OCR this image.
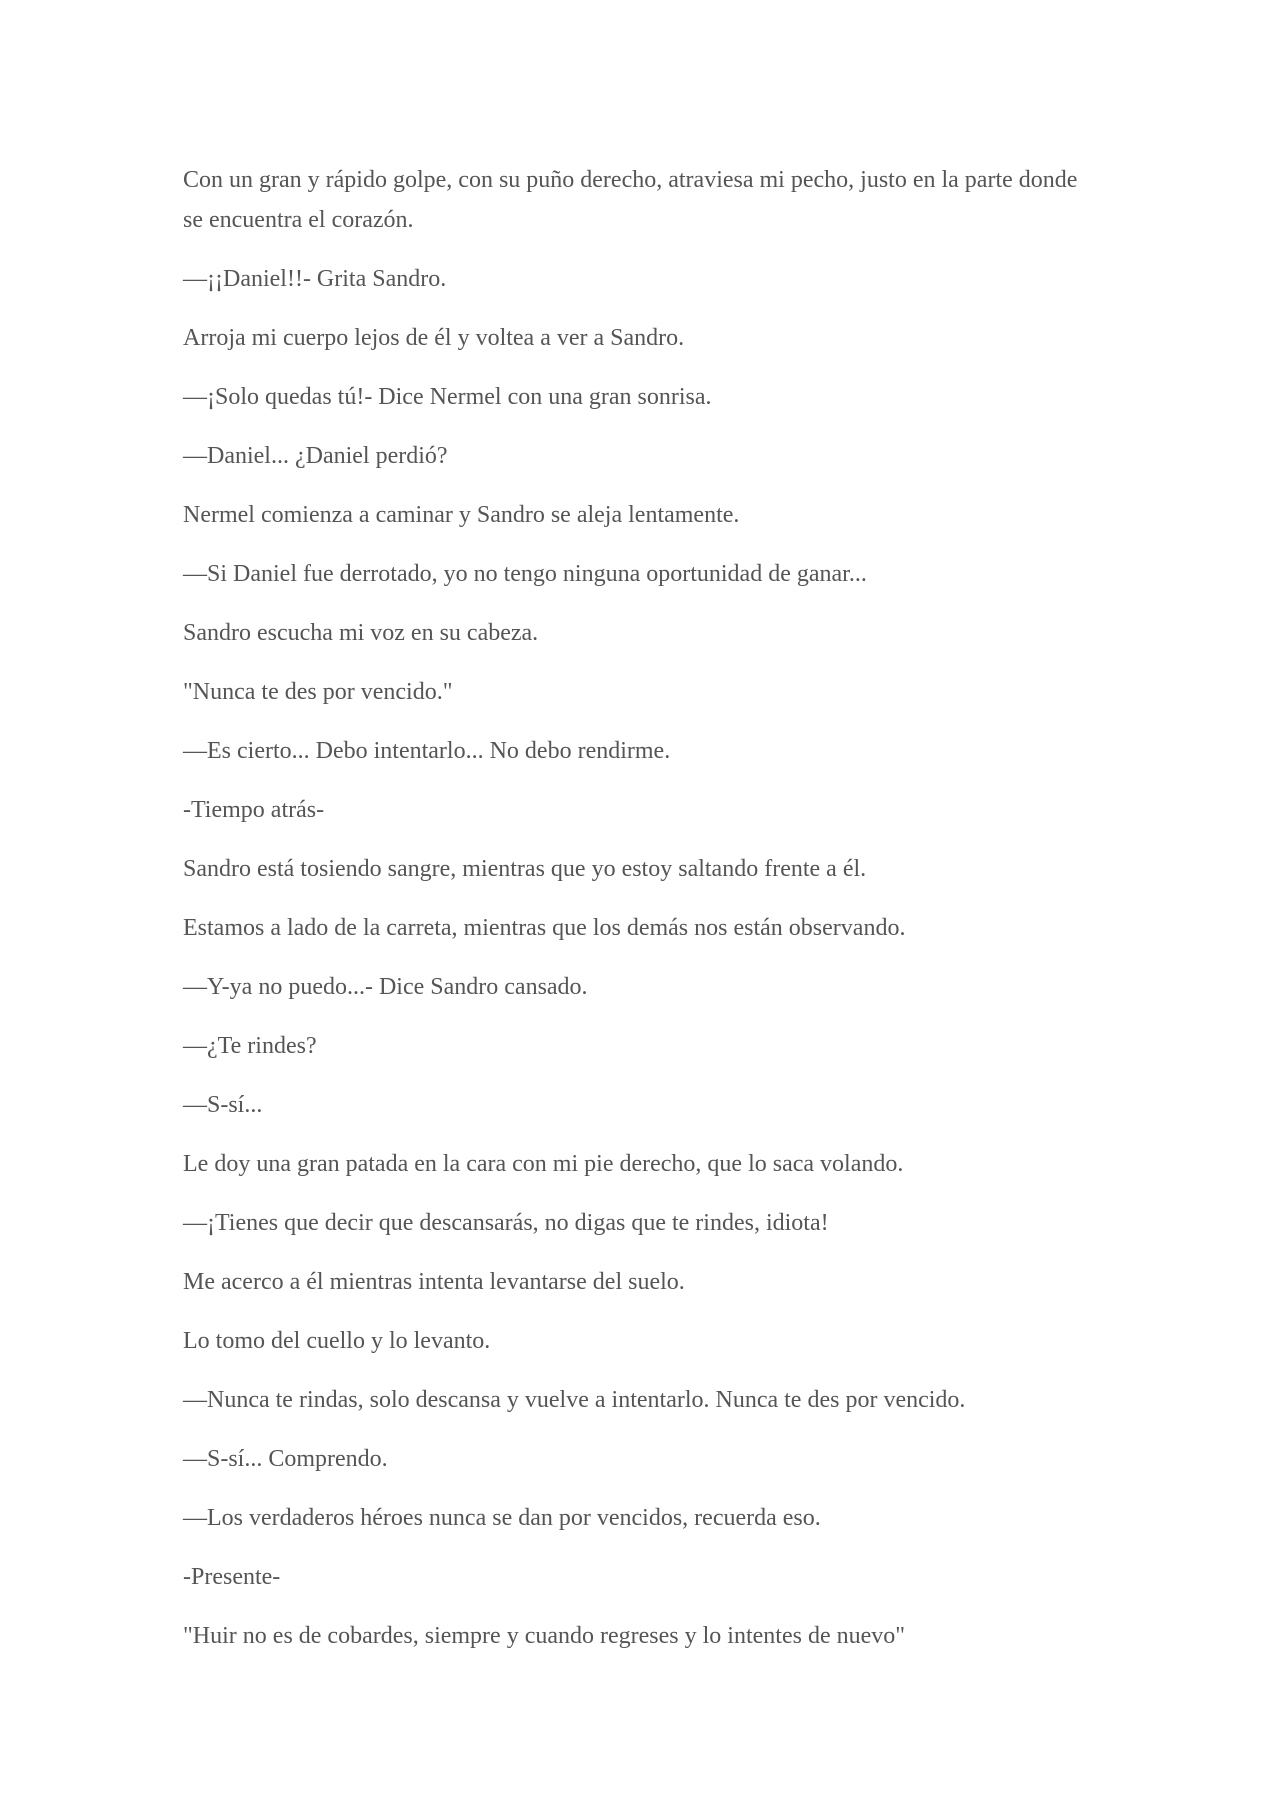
Con un gran y rápido golpe, con su puño derecho, atraviesa mi pecho, justo en la parte donde se encuentra el corazón.

—¡¡Daniel!!- Grita Sandro.

Arroja mi cuerpo lejos de él y voltea a ver a Sandro.

—¡Solo quedas tú!- Dice Nermel con una gran sonrisa.

—Daniel... ¿Daniel perdió?

Nermel comienza a caminar y Sandro se aleja lentamente.

—Si Daniel fue derrotado, yo no tengo ninguna oportunidad de ganar...

Sandro escucha mi voz en su cabeza.

"Nunca te des por vencido."

—Es cierto... Debo intentarlo... No debo rendirme.

-Tiempo atrás-

Sandro está tosiendo sangre, mientras que yo estoy saltando frente a él.

Estamos a lado de la carreta, mientras que los demás nos están observando.

—Y-ya no puedo...- Dice Sandro cansado.

—¿Te rindes?

—S-sí...

Le doy una gran patada en la cara con mi pie derecho, que lo saca volando.

—¡Tienes que decir que descansarás, no digas que te rindes, idiota!

Me acerco a él mientras intenta levantarse del suelo.

Lo tomo del cuello y lo levanto.

—Nunca te rindas, solo descansa y vuelve a intentarlo. Nunca te des por vencido.

—S-sí... Comprendo.

—Los verdaderos héroes nunca se dan por vencidos, recuerda eso.

-Presente-

"Huir no es de cobardes, siempre y cuando regreses y lo intentes de nuevo"
